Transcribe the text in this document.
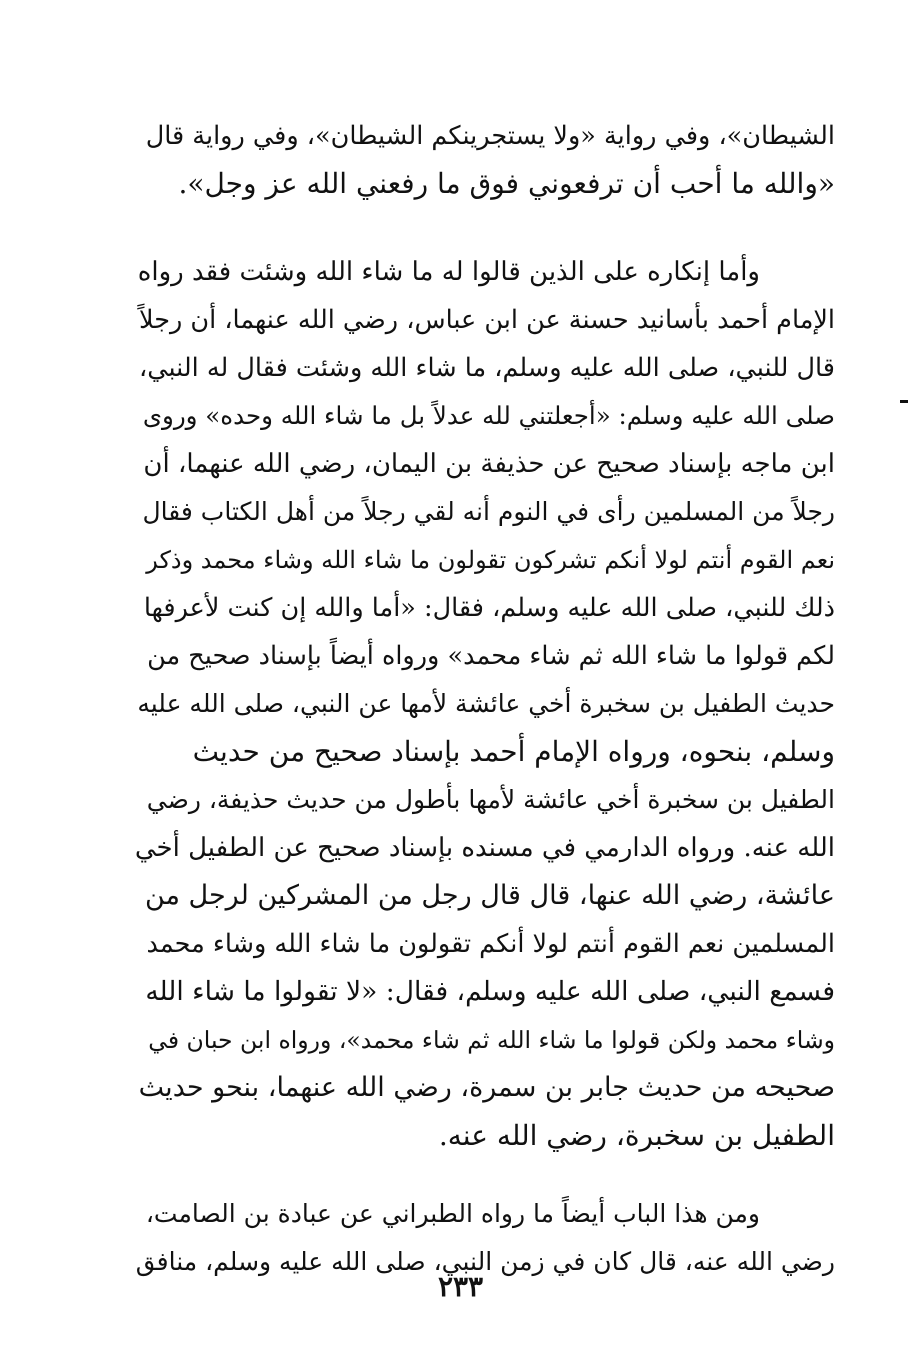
الشيطان»، وفي رواية «ولا يستجرينكم الشيطان»، وفي رواية قال
«والله ما أحب أن ترفعوني فوق ما رفعني الله عز وجل».

وأما إنكاره على الذين قالوا له ما شاء الله وشئت فقد رواه
الإمام أحمد بأسانيد حسنة عن ابن عباس، رضي الله عنهما، أن رجلاً
قال للنبي، صلى الله عليه وسلم، ما شاء الله وشئت فقال له النبي،
صلى الله عليه وسلم: «أجعلتني لله عدلاً بل ما شاء الله وحده» وروى
ابن ماجه بإسناد صحيح عن حذيفة بن اليمان، رضي الله عنهما، أن
رجلاً من المسلمين رأى في النوم أنه لقي رجلاً من أهل الكتاب فقال
نعم القوم أنتم لولا أنكم تشركون تقولون ما شاء الله وشاء محمد وذكر
ذلك للنبي، صلى الله عليه وسلم، فقال: «أما والله إن كنت لأعرفها
لكم قولوا ما شاء الله ثم شاء محمد» ورواه أيضاً بإسناد صحيح من
حديث الطفيل بن سخبرة أخي عائشة لأمها عن النبي، صلى الله عليه
وسلم، بنحوه، ورواه الإمام أحمد بإسناد صحيح من حديث
الطفيل بن سخبرة أخي عائشة لأمها بأطول من حديث حذيفة، رضي
الله عنه. ورواه الدارمي في مسنده بإسناد صحيح عن الطفيل أخي
عائشة، رضي الله عنها، قال قال رجل من المشركين لرجل من
المسلمين نعم القوم أنتم لولا أنكم تقولون ما شاء الله وشاء محمد
فسمع النبي، صلى الله عليه وسلم، فقال: «لا تقولوا ما شاء الله
وشاء محمد ولكن قولوا ما شاء الله ثم شاء محمد»، ورواه ابن حبان في
صحيحه من حديث جابر بن سمرة، رضي الله عنهما، بنحو حديث
الطفيل بن سخبرة، رضي الله عنه.

ومن هذا الباب أيضاً ما رواه الطبراني عن عبادة بن الصامت،
رضي الله عنه، قال كان في زمن النبي، صلى الله عليه وسلم، منافق

٢٣٣
